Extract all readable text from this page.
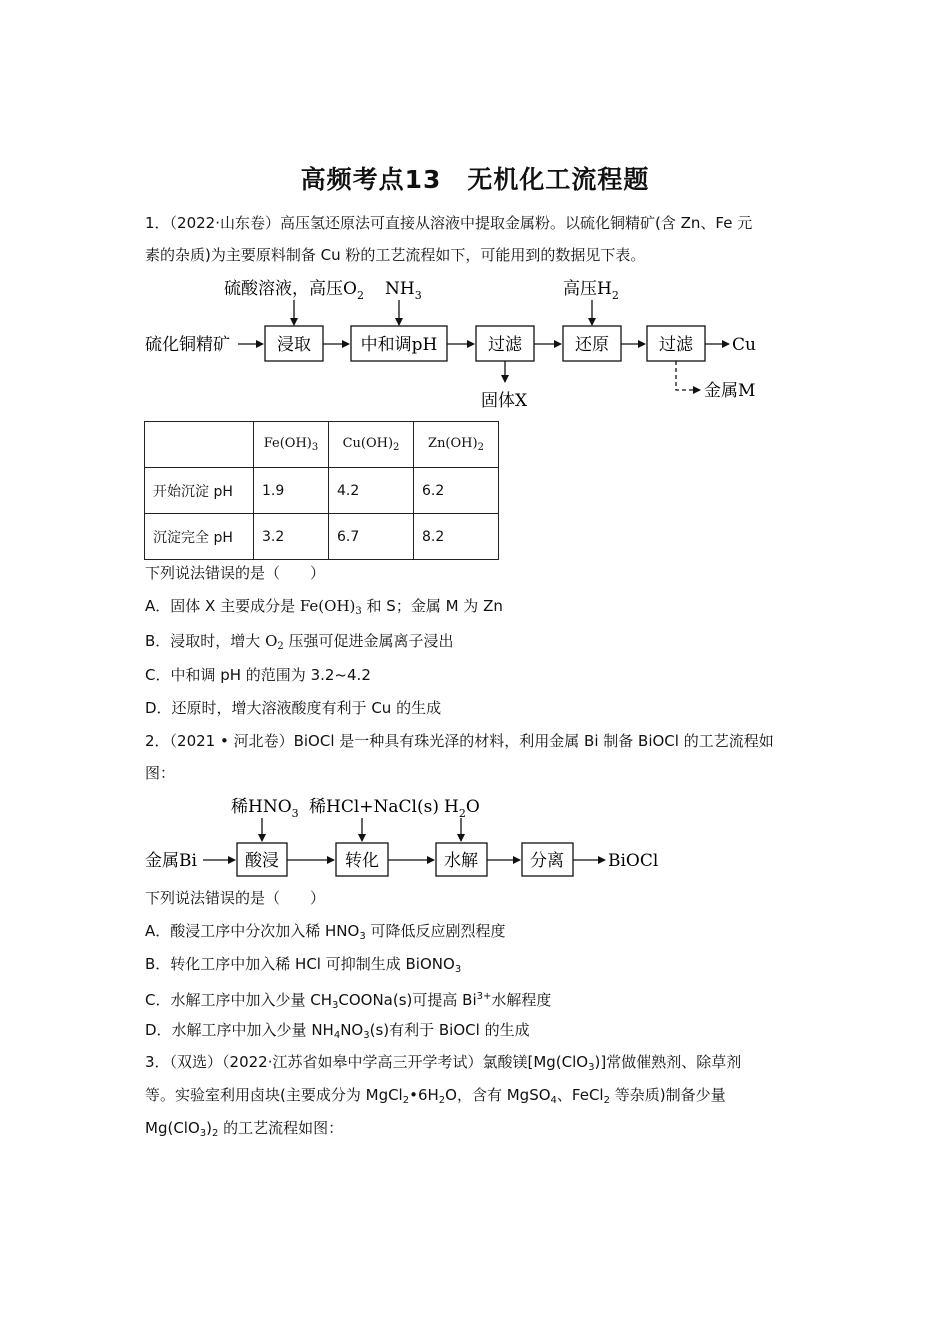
高频考点13　无机化工流程题
1．（2022·山东卷）高压氢还原法可直接从溶液中提取金属粉。以硫化铜精矿(含 Zn、Fe 元
素的杂质)为主要原料制备 Cu 粉的工艺流程如下，可能用到的数据见下表。
硫酸溶液，高压$O_2$ $NH_3$	高压$H_2$
硫化铜精矿	浸取	中和调pH	过滤	还原	过滤 Cu
固体X	金属M
	$Fe(OH)_3$	$Cu(OH)_2$	$Zn(OH)_2$
开始沉淀 pH	1.9	4.2	6.2
沉淀完全 pH	3.2	6.7	8.2
下列说法错误的是（　　）
A．固体 X 主要成分是 $Fe(OH)_3$ 和 S；金属 M 为 Zn
B．浸取时，增大 $O_2$ 压强可促进金属离子浸出
C．中和调 pH 的范围为 3.2~4.2
D．还原时，增大溶液酸度有利于 Cu 的生成
2．（2021 • 河北卷）BiOCl 是一种具有珠光泽的材料，利用金属 Bi 制备 BiOCl 的工艺流程如
图：
稀$HNO_3$ 稀HCl+NaCl(s) $H_2O$
金属Bi	酸浸	转化	水解	分离	BiOCl
下列说法错误的是（　　）
A．酸浸工序中分次加入稀 $HNO_3$ 可降低反应剧烈程度
B．转化工序中加入稀 HCl 可抑制生成 BiONO$_3$
C．水解工序中加入少量 $CH_3COONa(s)$可提高 $Bi^{3+}$水解程度
D．水解工序中加入少量 $NH_4NO_3(s)$有利于 BiOCl 的生成
3．（双选）（2022·江苏省如皋中学高三开学考试）氯酸镁[Mg(ClO$_3$)]常做催熟剂、除草剂
等。实验室利用卤块(主要成分为 $MgCl_2•6H_2O$，含有 MgSO$_4$、FeCl$_2$ 等杂质)制备少量
$Mg(ClO_3)_2$ 的工艺流程如图：
